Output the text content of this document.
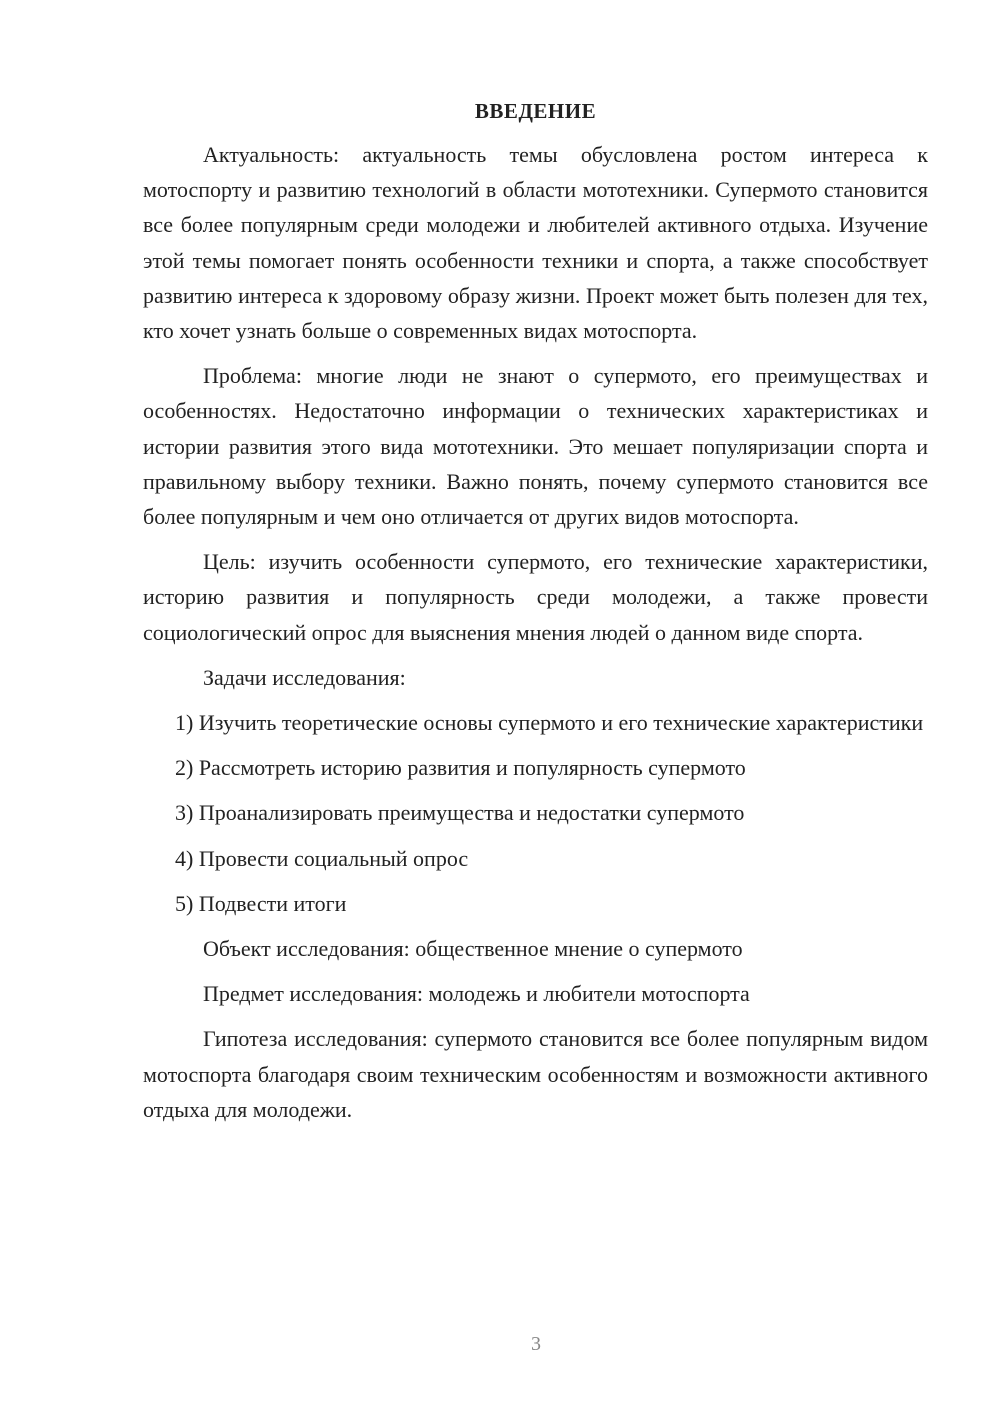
ВВЕДЕНИЕ

Актуальность: актуальность темы обусловлена ростом интереса к мотоспорту и развитию технологий в области мототехники. Супермото становится все более популярным среди молодежи и любителей активного отдыха. Изучение этой темы помогает понять особенности техники и спорта, а также способствует развитию интереса к здоровому образу жизни. Проект может быть полезен для тех, кто хочет узнать больше о современных видах мотоспорта.

Проблема: многие люди не знают о супермото, его преимуществах и особенностях. Недостаточно информации о технических характеристиках и истории развития этого вида мототехники. Это мешает популяризации спорта и правильному выбору техники. Важно понять, почему супермото становится все более популярным и чем оно отличается от других видов мотоспорта.

Цель: изучить особенности супермото, его технические характеристики, историю развития и популярность среди молодежи, а также провести социологический опрос для выяснения мнения людей о данном виде спорта.

Задачи исследования:

1) Изучить теоретические основы супермото и его технические характеристики

2) Рассмотреть историю развития и популярность супермото

3) Проанализировать преимущества и недостатки супермото

4) Провести социальный опрос

5) Подвести итоги

Объект исследования: общественное мнение о супермото

Предмет исследования: молодежь и любители мотоспорта

Гипотеза исследования: супермото становится все более популярным видом мотоспорта благодаря своим техническим особенностям и возможности активного отдыха для молодежи.

3
